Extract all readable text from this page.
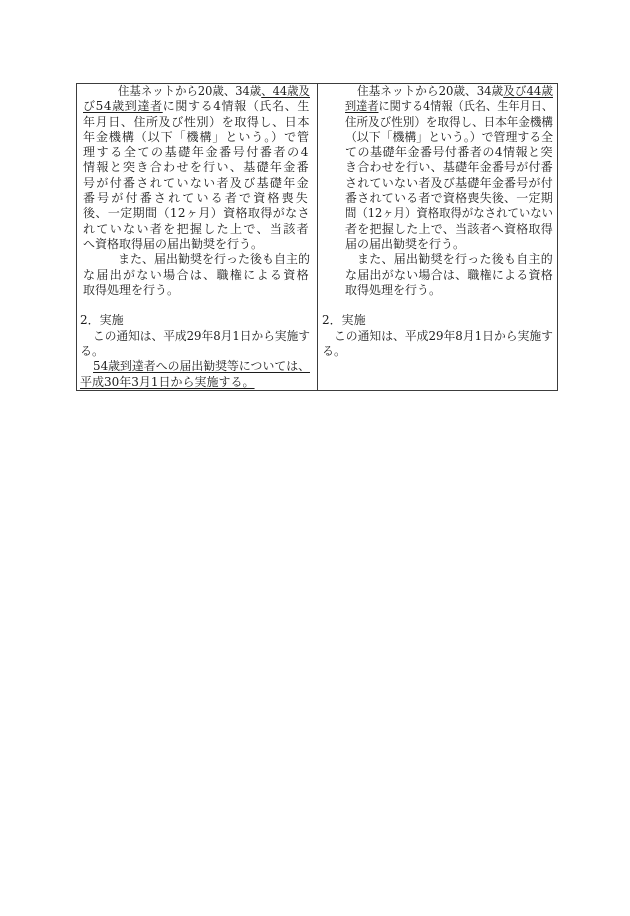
住基ネットから20歳、34歳、44歳及
び54歳到達者に関する4情報（氏名、生
年月日、住所及び性別）を取得し、日本
年金機構（以下「機構」という。）で管
理する全ての基礎年金番号付番者の4
情報と突き合わせを行い、基礎年金番
号が付番されていない者及び基礎年金
番号が付番されている者で資格喪失
後、一定期間（12ヶ月）資格取得がなさ
れていない者を把握した上で、当該者
へ資格取得届の届出勧奨を行う。
また、届出勧奨を行った後も自主的
な届出がない場合は、職権による資格
取得処理を行う。
2．実施
この通知は、平成29年8月1日から実施す
る。
54歳到達者への届出勧奨等については、
平成30年3月1日から実施する。
住基ネットから20歳、34歳及び44歳
到達者に関する4情報（氏名、生年月日、
住所及び性別）を取得し、日本年金機構
（以下「機構」という。）で管理する全
ての基礎年金番号付番者の4情報と突
き合わせを行い、基礎年金番号が付番
されていない者及び基礎年金番号が付
番されている者で資格喪失後、一定期
間（12ヶ月）資格取得がなされていない
者を把握した上で、当該者へ資格取得
届の届出勧奨を行う。
また、届出勧奨を行った後も自主的
な届出がない場合は、職権による資格
取得処理を行う。
2．実施
この通知は、平成29年8月1日から実施す
る。
